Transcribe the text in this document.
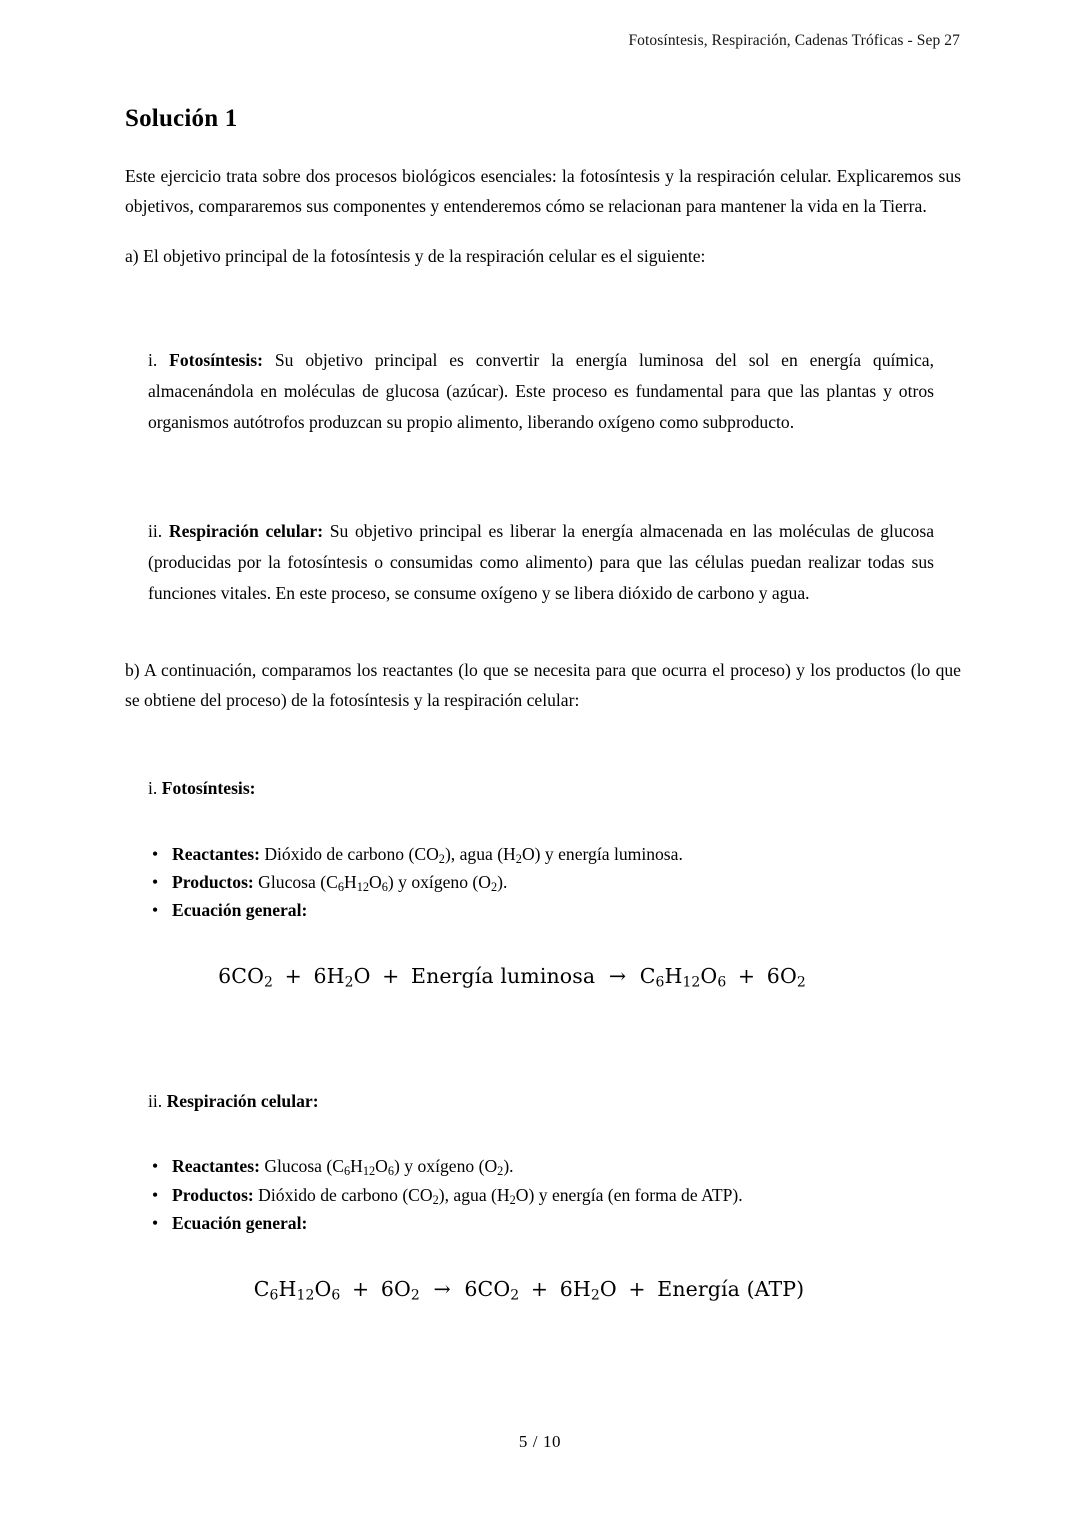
Fotosíntesis, Respiración, Cadenas Tróficas - Sep 27
Solución 1

Este ejercicio trata sobre dos procesos biológicos esenciales: la fotosíntesis y la respiración celular. Explicaremos sus objetivos, compararemos sus componentes y entenderemos cómo se relacionan para mantener la vida en la Tierra.

a) El objetivo principal de la fotosíntesis y de la respiración celular es el siguiente:

i. Fotosíntesis: Su objetivo principal es convertir la energía luminosa del sol en energía química, almacenándola en moléculas de glucosa (azúcar). Este proceso es fundamental para que las plantas y otros organismos autótrofos produzcan su propio alimento, liberando oxígeno como subproducto.

ii. Respiración celular: Su objetivo principal es liberar la energía almacenada en las moléculas de glucosa (producidas por la fotosíntesis o consumidas como alimento) para que las células puedan realizar todas sus funciones vitales. En este proceso, se consume oxígeno y se libera dióxido de carbono y agua.

b) A continuación, comparamos los reactantes (lo que se necesita para que ocurra el proceso) y los productos (lo que se obtiene del proceso) de la fotosíntesis y la respiración celular:

i. Fotosíntesis:
• Reactantes: Dióxido de carbono $(CO_2)$, agua $(H_2O)$ y energía luminosa.
• Productos: Glucosa $(C_6H_{12}O_6)$ y oxígeno $(O_2)$.
• Ecuación general:
$6CO_2 + 6H_2O$ + Energía luminosa → $C_6H_{12}O_6 + 6O_2$
ii. Respiración celular:
• Reactantes: Glucosa $(C_6H_{12}O_6)$ y oxígeno $(O_2)$.
• Productos: Dióxido de carbono $(CO_2)$, agua $(H_2O)$ y energía (en forma de ATP).
• Ecuación general:
$C_6H_{12}O_6 + 6O_2 \to 6CO_2 + 6H_2O$ + Energía (ATP)
5 / 10
